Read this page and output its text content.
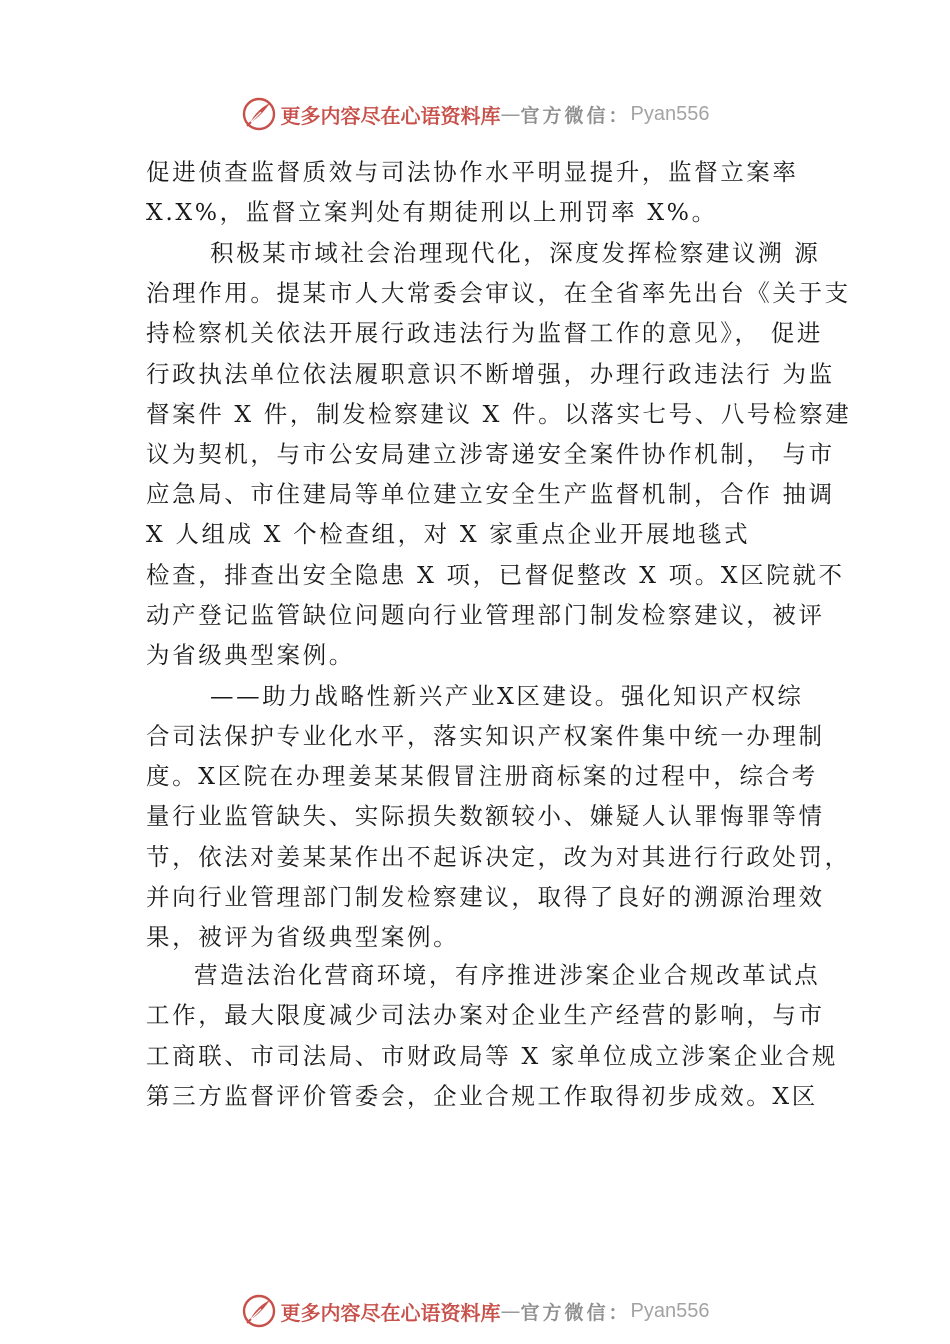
更多内容尽在心语资料库 — 官方微信： Pyan556
促进侦查监督质效与司法协作水平明显提升，监督立案率
X.X%，监督立案判处有期徒刑以上刑罚率 X%。
积极某市域社会治理现代化，深度发挥检察建议溯 源
治理作用。提某市人大常委会审议，在全省率先出台《关于支
持检察机关依法开展行政违法行为监督工作的意见》， 促进
行政执法单位依法履职意识不断增强，办理行政违法行 为监
督案件 X 件，制发检察建议 X 件。以落实七号、八号检察建
议为契机，与市公安局建立涉寄递安全案件协作机制， 与市
应急局、市住建局等单位建立安全生产监督机制，合作 抽调
X 人组成 X 个检查组，对 X 家重点企业开展地毯式
检查，排查出安全隐患 X 项，已督促整改 X 项。X区院就不
动产登记监管缺位问题向行业管理部门制发检察建议，被评
为省级典型案例。
——助力战略性新兴产业X区建设。强化知识产权综
合司法保护专业化水平，落实知识产权案件集中统一办理制
度。X区院在办理姜某某假冒注册商标案的过程中，综合考
量行业监管缺失、实际损失数额较小、嫌疑人认罪悔罪等情
节，依法对姜某某作出不起诉决定，改为对其进行行政处罚，
并向行业管理部门制发检察建议，取得了良好的溯源治理效
果，被评为省级典型案例。
营造法治化营商环境，有序推进涉案企业合规改革试点
工作，最大限度减少司法办案对企业生产经营的影响，与市
工商联、市司法局、市财政局等 X 家单位成立涉案企业合规
第三方监督评价管委会，企业合规工作取得初步成效。X区
更多内容尽在心语资料库 — 官方微信： Pyan556
